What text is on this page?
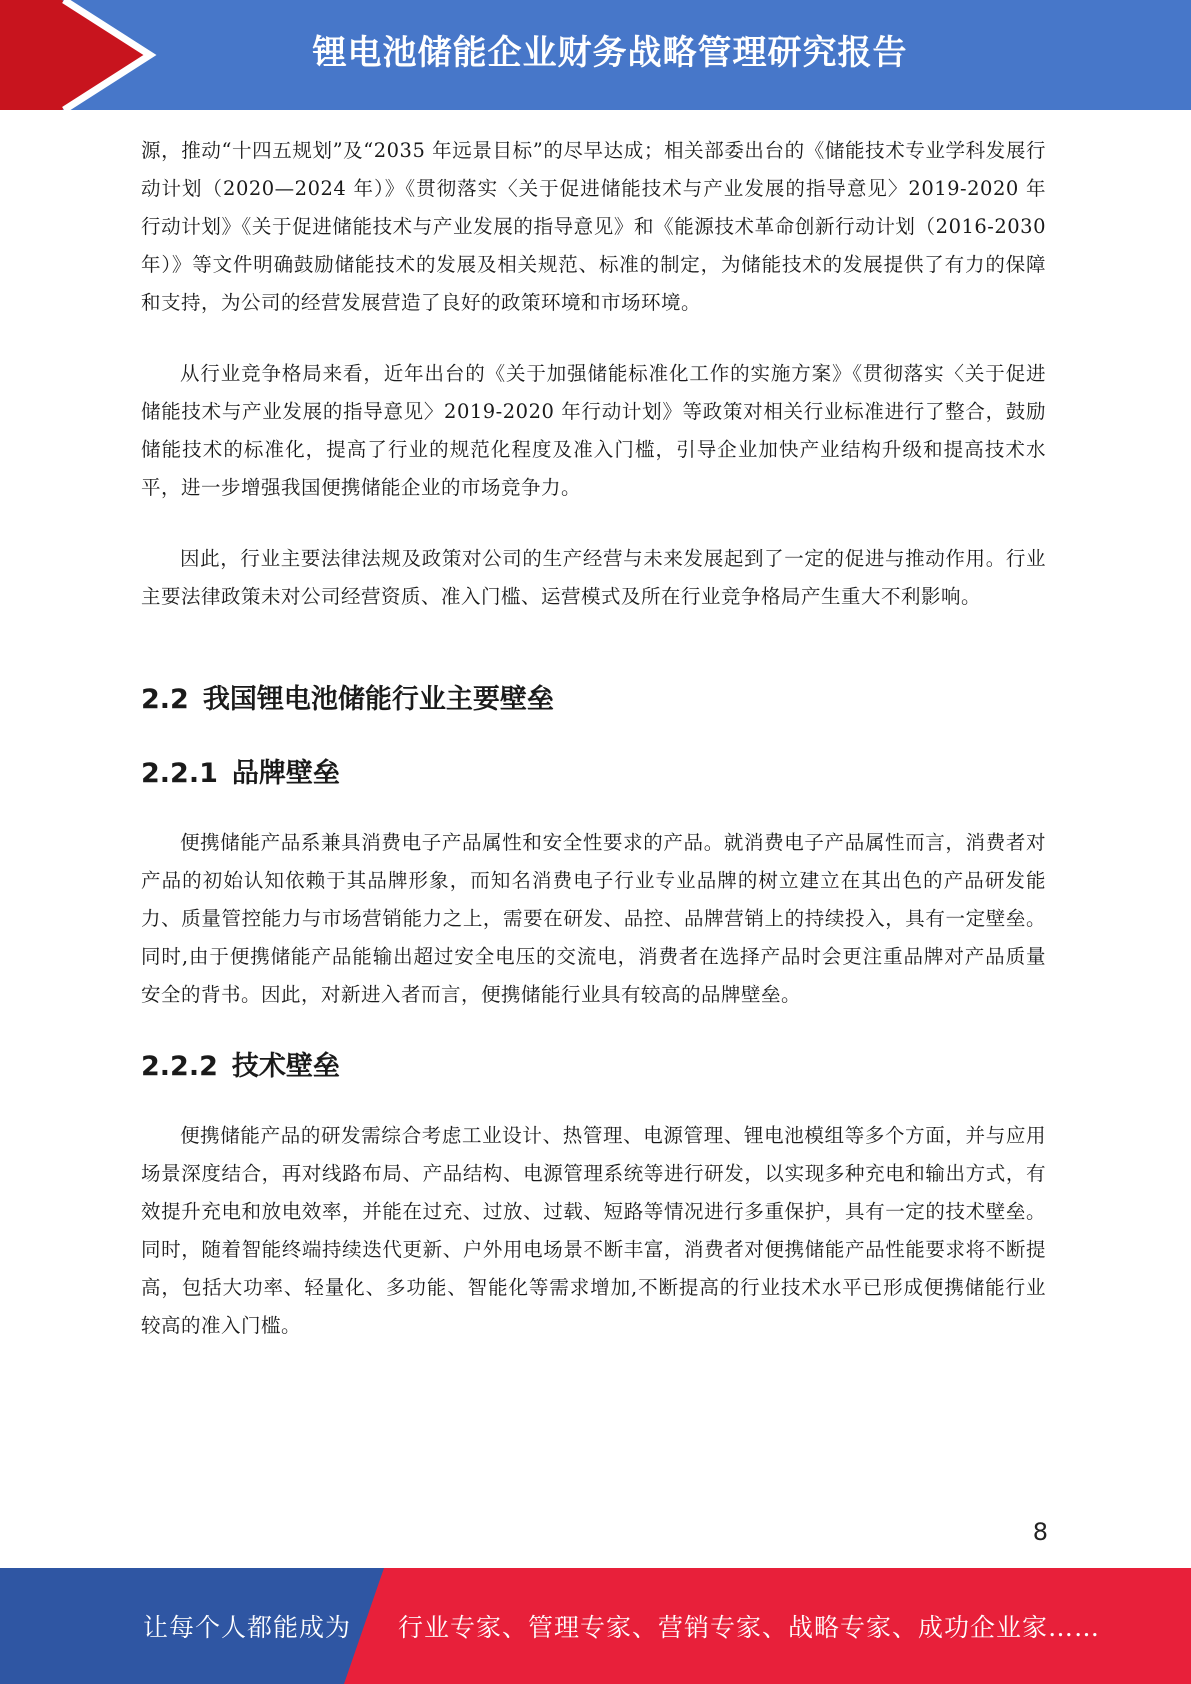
锂电池储能企业财务战略管理研究报告

源，推动“十四五规划”及“2035 年远景目标”的尽早达成；相关部委出台的《储能技术专业学科发展行动计划（2020—2024 年）》《贯彻落实〈关于促进储能技术与产业发展的指导意见〉2019-2020 年行动计划》《关于促进储能技术与产业发展的指导意见》和《能源技术革命创新行动计划（2016-2030 年）》等文件明确鼓励储能技术的发展及相关规范、标准的制定，为储能技术的发展提供了有力的保障和支持，为公司的经营发展营造了良好的政策环境和市场环境。

从行业竞争格局来看，近年出台的《关于加强储能标准化工作的实施方案》《贯彻落实〈关于促进储能技术与产业发展的指导意见〉2019-2020 年行动计划》等政策对相关行业标准进行了整合，鼓励储能技术的标准化，提高了行业的规范化程度及准入门槛，引导企业加快产业结构升级和提高技术水平，进一步增强我国便携储能企业的市场竞争力。

因此，行业主要法律法规及政策对公司的生产经营与未来发展起到了一定的促进与推动作用。行业主要法律政策未对公司经营资质、准入门槛、运营模式及所在行业竞争格局产生重大不利影响。

2.2 我国锂电池储能行业主要壁垒
2.2.1 品牌壁垒

便携储能产品系兼具消费电子产品属性和安全性要求的产品。就消费电子产品属性而言，消费者对产品的初始认知依赖于其品牌形象，而知名消费电子行业专业品牌的树立建立在其出色的产品研发能力、质量管控能力与市场营销能力之上，需要在研发、品控、品牌营销上的持续投入，具有一定壁垒。同时,由于便携储能产品能输出超过安全电压的交流电，消费者在选择产品时会更注重品牌对产品质量安全的背书。因此，对新进入者而言，便携储能行业具有较高的品牌壁垒。

2.2.2 技术壁垒

便携储能产品的研发需综合考虑工业设计、热管理、电源管理、锂电池模组等多个方面，并与应用场景深度结合，再对线路布局、产品结构、电源管理系统等进行研发，以实现多种充电和输出方式，有效提升充电和放电效率，并能在过充、过放、过载、短路等情况进行多重保护，具有一定的技术壁垒。同时，随着智能终端持续迭代更新、户外用电场景不断丰富，消费者对便携储能产品性能要求将不断提高，包括大功率、轻量化、多功能、智能化等需求增加,不断提高的行业技术水平已形成便携储能行业较高的准入门槛。

8
让每个人都能成为 行业专家、管理专家、营销专家、战略专家、成功企业家……
